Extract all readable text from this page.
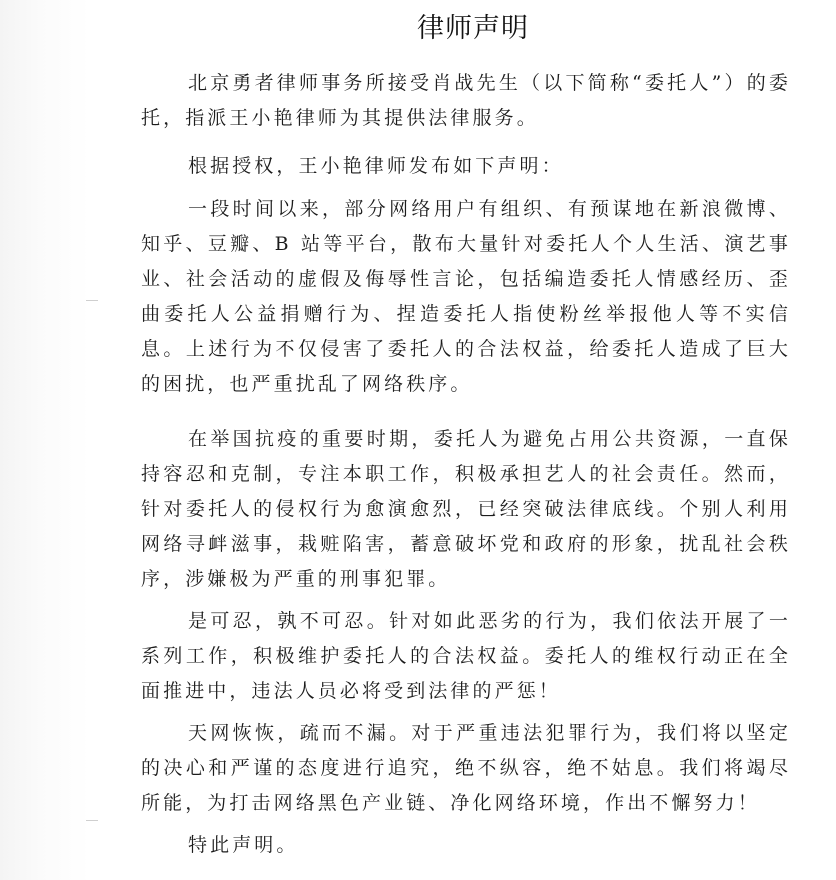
律师声明

北京勇者律师事务所接受肖战先生（以下简称“委托人”）的委托，指派王小艳律师为其提供法律服务。

根据授权，王小艳律师发布如下声明：

一段时间以来，部分网络用户有组织、有预谋地在新浪微博、知乎、豆瓣、B 站等平台，散布大量针对委托人个人生活、演艺事业、社会活动的虚假及侮辱性言论，包括编造委托人情感经历、歪曲委托人公益捐赠行为、捏造委托人指使粉丝举报他人等不实信息。上述行为不仅侵害了委托人的合法权益，给委托人造成了巨大的困扰，也严重扰乱了网络秩序。

在举国抗疫的重要时期，委托人为避免占用公共资源，一直保持容忍和克制，专注本职工作，积极承担艺人的社会责任。然而，针对委托人的侵权行为愈演愈烈，已经突破法律底线。个别人利用网络寻衅滋事，栽赃陷害，蓄意破坏党和政府的形象，扰乱社会秩序，涉嫌极为严重的刑事犯罪。

是可忍，孰不可忍。针对如此恶劣的行为，我们依法开展了一系列工作，积极维护委托人的合法权益。委托人的维权行动正在全面推进中，违法人员必将受到法律的严惩！

天网恢恢，疏而不漏。对于严重违法犯罪行为，我们将以坚定的决心和严谨的态度进行追究，绝不纵容，绝不姑息。我们将竭尽所能，为打击网络黑色产业链、净化网络环境，作出不懈努力！

特此声明。
